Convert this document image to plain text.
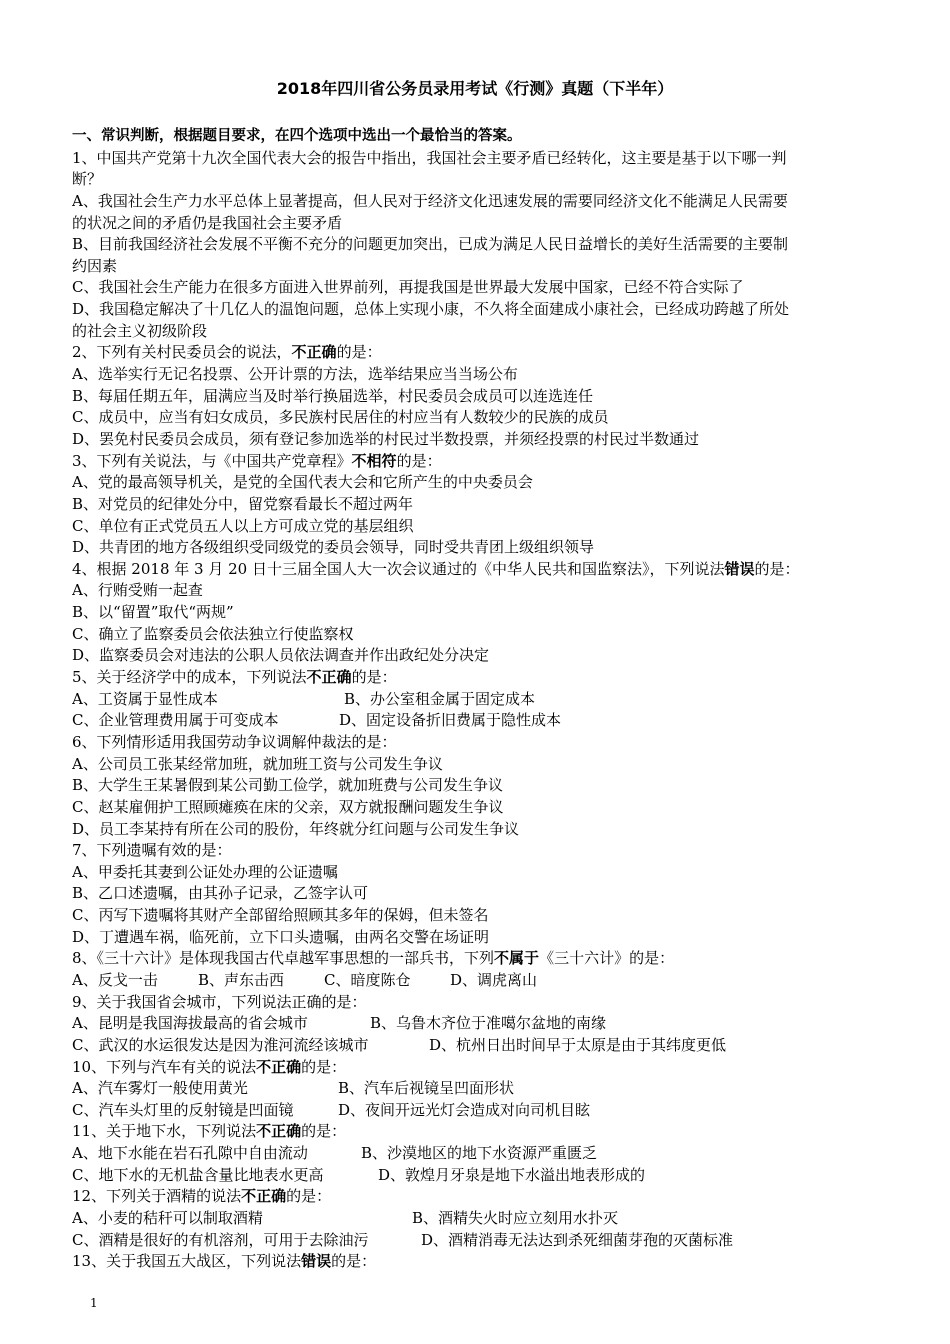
2018年四川省公务员录用考试《行测》真题（下半年）
一、常识判断，根据题目要求，在四个选项中选出一个最恰当的答案。
1、中国共产党第十九次全国代表大会的报告中指出，我国社会主要矛盾已经转化，这主要是基于以下哪一判
断？
A、我国社会生产力水平总体上显著提高，但人民对于经济文化迅速发展的需要同经济文化不能满足人民需要
的状况之间的矛盾仍是我国社会主要矛盾
B、目前我国经济社会发展不平衡不充分的问题更加突出，已成为满足人民日益增长的美好生活需要的主要制
约因素
C、我国社会生产能力在很多方面进入世界前列，再提我国是世界最大发展中国家，已经不符合实际了
D、我国稳定解决了十几亿人的温饱问题，总体上实现小康，不久将全面建成小康社会，已经成功跨越了所处
的社会主义初级阶段
2、下列有关村民委员会的说法，不正确的是：
A、选举实行无记名投票、公开计票的方法，选举结果应当当场公布
B、每届任期五年，届满应当及时举行换届选举，村民委员会成员可以连选连任
C、成员中，应当有妇女成员，多民族村民居住的村应当有人数较少的民族的成员
D、罢免村民委员会成员，须有登记参加选举的村民过半数投票，并须经投票的村民过半数通过
3、下列有关说法，与《中国共产党章程》不相符的是：
A、党的最高领导机关，是党的全国代表大会和它所产生的中央委员会
B、对党员的纪律处分中，留党察看最长不超过两年
C、单位有正式党员五人以上方可成立党的基层组织
D、共青团的地方各级组织受同级党的委员会领导，同时受共青团上级组织领导
4、根据 2018 年 3 月 20 日十三届全国人大一次会议通过的《中华人民共和国监察法》，下列说法错误的是：
A、行贿受贿一起查
B、以“留置”取代“两规”
C、确立了监察委员会依法独立行使监察权
D、监察委员会对违法的公职人员依法调查并作出政纪处分决定
5、关于经济学中的成本，下列说法不正确的是：
A、工资属于显性成本	B、办公室租金属于固定成本
C、企业管理费用属于可变成本	D、固定设备折旧费属于隐性成本
6、下列情形适用我国劳动争议调解仲裁法的是：
A、公司员工张某经常加班，就加班工资与公司发生争议
B、大学生王某暑假到某公司勤工俭学，就加班费与公司发生争议
C、赵某雇佣护工照顾瘫痪在床的父亲，双方就报酬问题发生争议
D、员工李某持有所在公司的股份，年终就分红问题与公司发生争议
7、下列遗嘱有效的是：
A、甲委托其妻到公证处办理的公证遗嘱
B、乙口述遗嘱，由其孙子记录，乙签字认可
C、丙写下遗嘱将其财产全部留给照顾其多年的保姆，但未签名
D、丁遭遇车祸，临死前，立下口头遗嘱，由两名交警在场证明
8、《三十六计》是体现我国古代卓越军事思想的一部兵书，下列不属于《三十六计》的是：
A、反戈一击	B、声东击西	C、暗度陈仓	D、调虎离山
9、关于我国省会城市，下列说法正确的是：
A、昆明是我国海拔最高的省会城市	B、乌鲁木齐位于准噶尔盆地的南缘
C、武汉的水运很发达是因为淮河流经该城市	D、杭州日出时间早于太原是由于其纬度更低
10、下列与汽车有关的说法不正确的是：
A、汽车雾灯一般使用黄光	B、汽车后视镜呈凹面形状
C、汽车头灯里的反射镜是凹面镜	D、夜间开远光灯会造成对向司机目眩
11、关于地下水，下列说法不正确的是：
A、地下水能在岩石孔隙中自由流动	B、沙漠地区的地下水资源严重匮乏
C、地下水的无机盐含量比地表水更高	D、敦煌月牙泉是地下水溢出地表形成的
12、下列关于酒精的说法不正确的是：
A、小麦的秸秆可以制取酒精	B、酒精失火时应立刻用水扑灭
C、酒精是很好的有机溶剂，可用于去除油污	D、酒精消毒无法达到杀死细菌芽孢的灭菌标准
13、关于我国五大战区，下列说法错误的是：
1
